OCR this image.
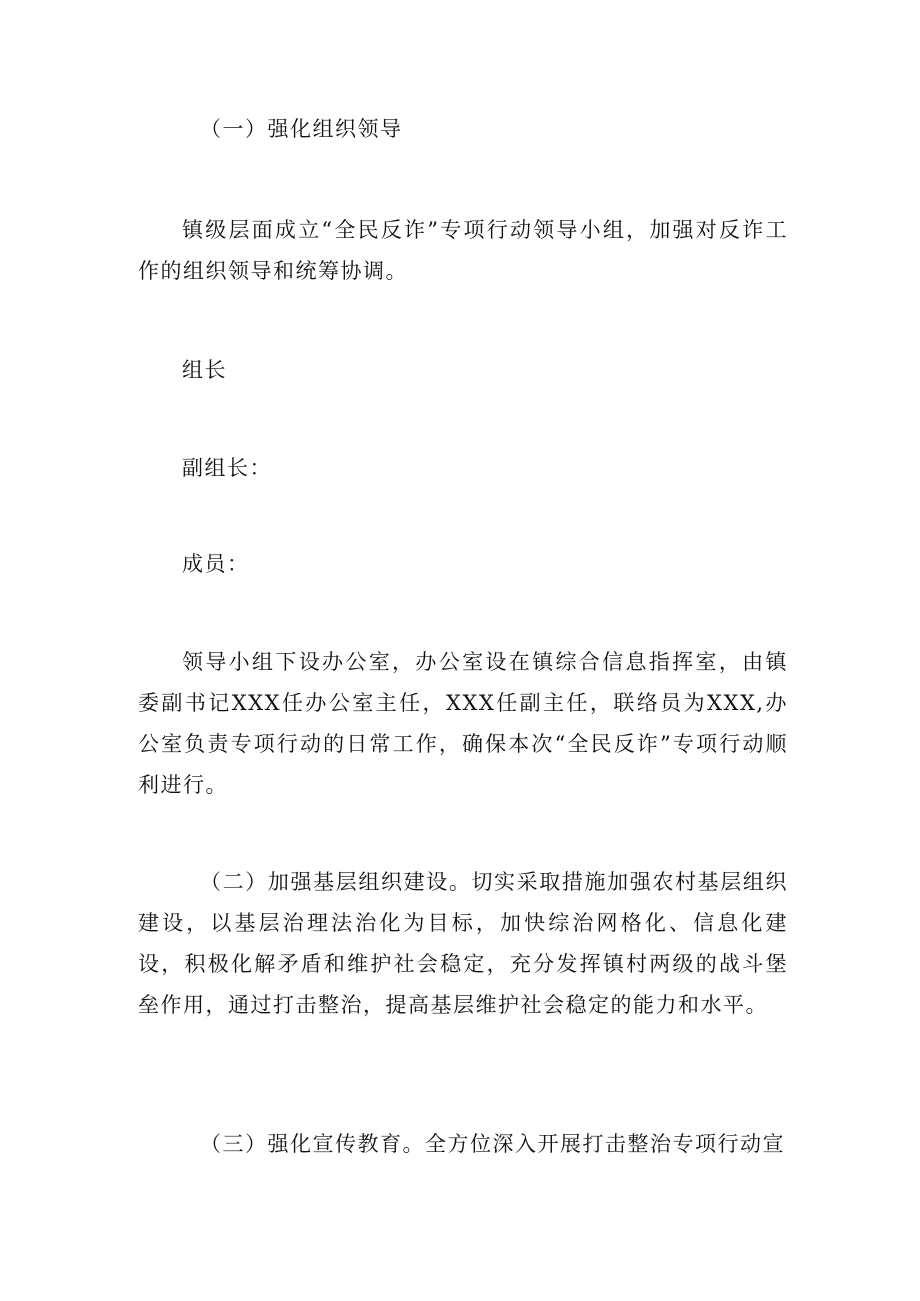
（一）强化组织领导

镇级层面成立“全民反诈”专项行动领导小组，加强对反诈工作的组织领导和统筹协调。

组长

副组长：

成员：

领导小组下设办公室，办公室设在镇综合信息指挥室，由镇委副书记XXX任办公室主任，XXX任副主任，联络员为XXX,办公室负责专项行动的日常工作，确保本次“全民反诈”专项行动顺利进行。

（二）加强基层组织建设。切实采取措施加强农村基层组织建设，以基层治理法治化为目标，加快综治网格化、信息化建设，积极化解矛盾和维护社会稳定，充分发挥镇村两级的战斗堡垒作用，通过打击整治，提高基层维护社会稳定的能力和水平。

（三）强化宣传教育。全方位深入开展打击整治专项行动宣
